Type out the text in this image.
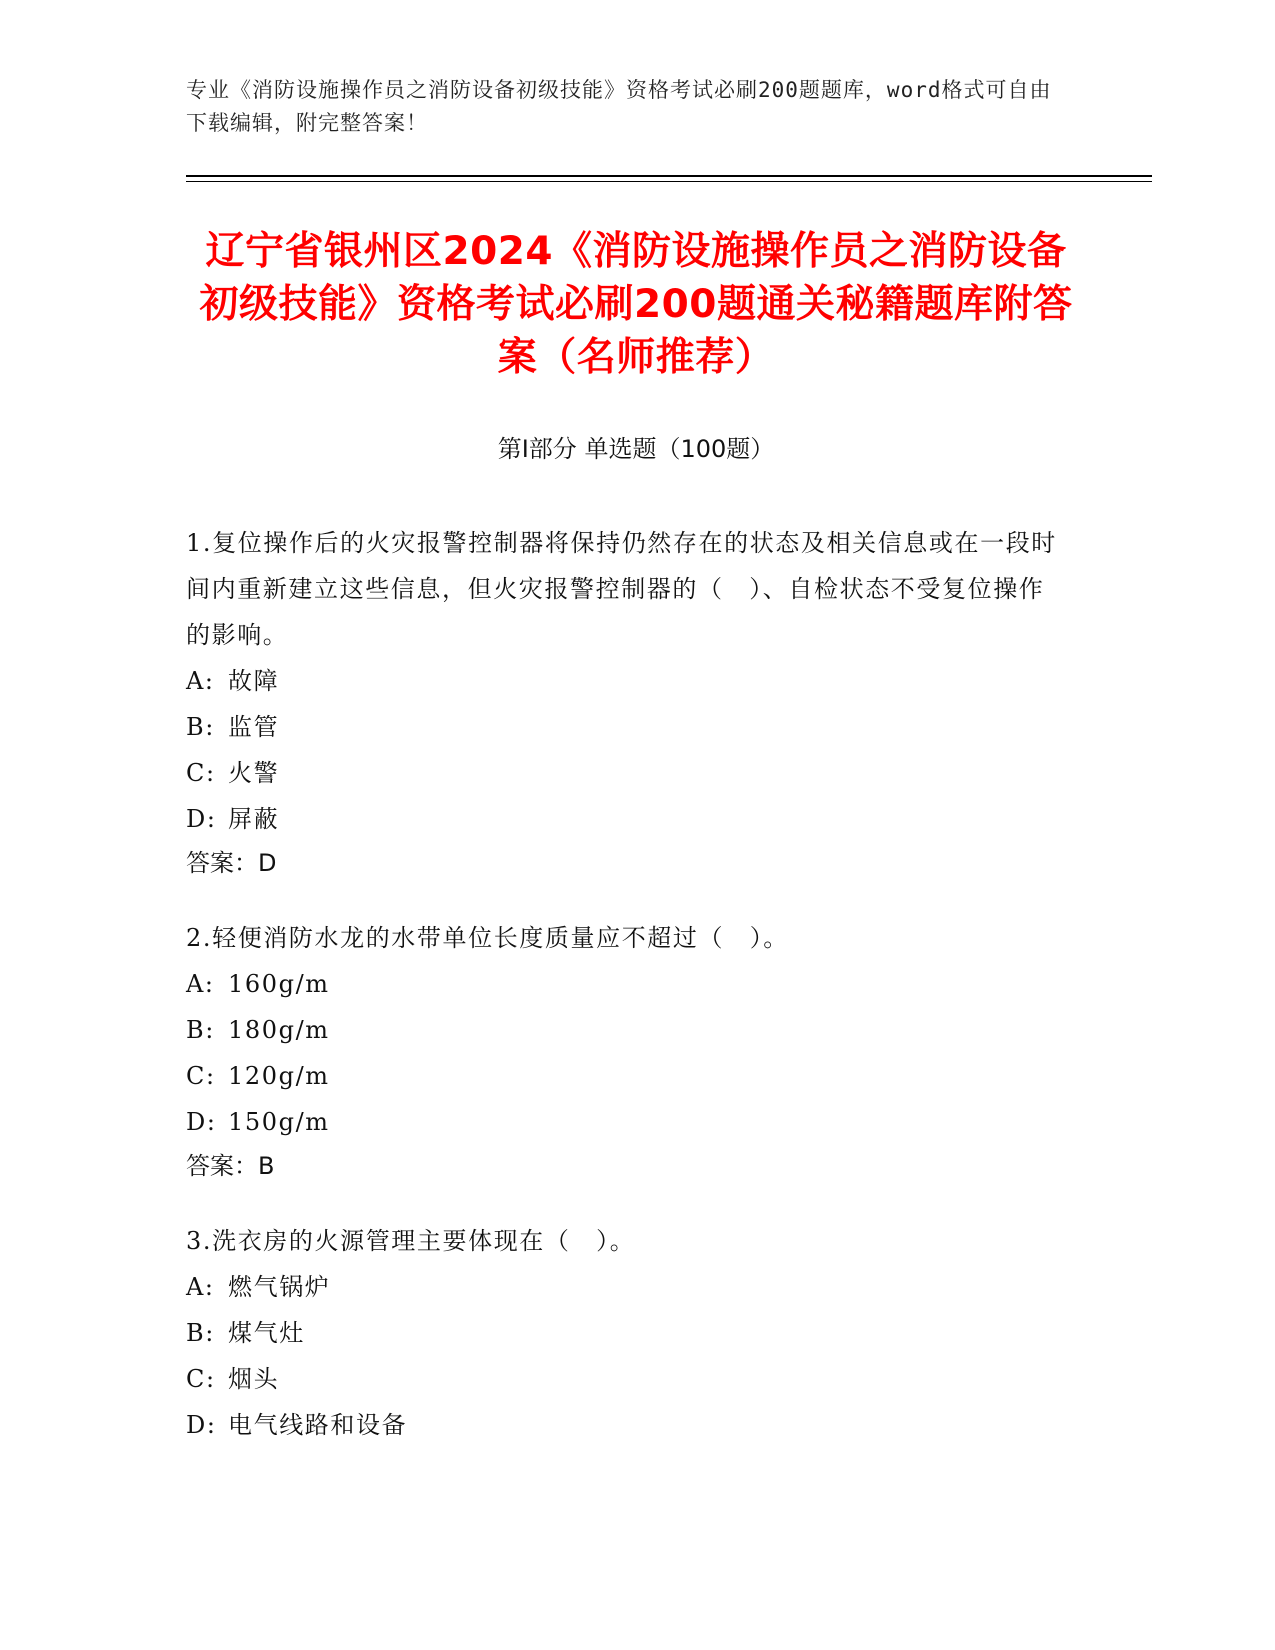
专业《消防设施操作员之消防设备初级技能》资格考试必刷200题题库，word格式可自由下载编辑，附完整答案！
辽宁省银州区2024《消防设施操作员之消防设备初级技能》资格考试必刷200题通关秘籍题库附答案（名师推荐）
第Ⅰ部分 单选题（100题）
1.复位操作后的火灾报警控制器将保持仍然存在的状态及相关信息或在一段时间内重新建立这些信息，但火灾报警控制器的（　）、自检状态不受复位操作的影响。
A: 故障
B: 监管
C: 火警
D: 屏蔽
答案：D
2.轻便消防水龙的水带单位长度质量应不超过（　）。
A: 160g/m
B: 180g/m
C: 120g/m
D: 150g/m
答案：B
3.洗衣房的火源管理主要体现在（　）。
A: 燃气锅炉
B: 煤气灶
C: 烟头
D: 电气线路和设备
